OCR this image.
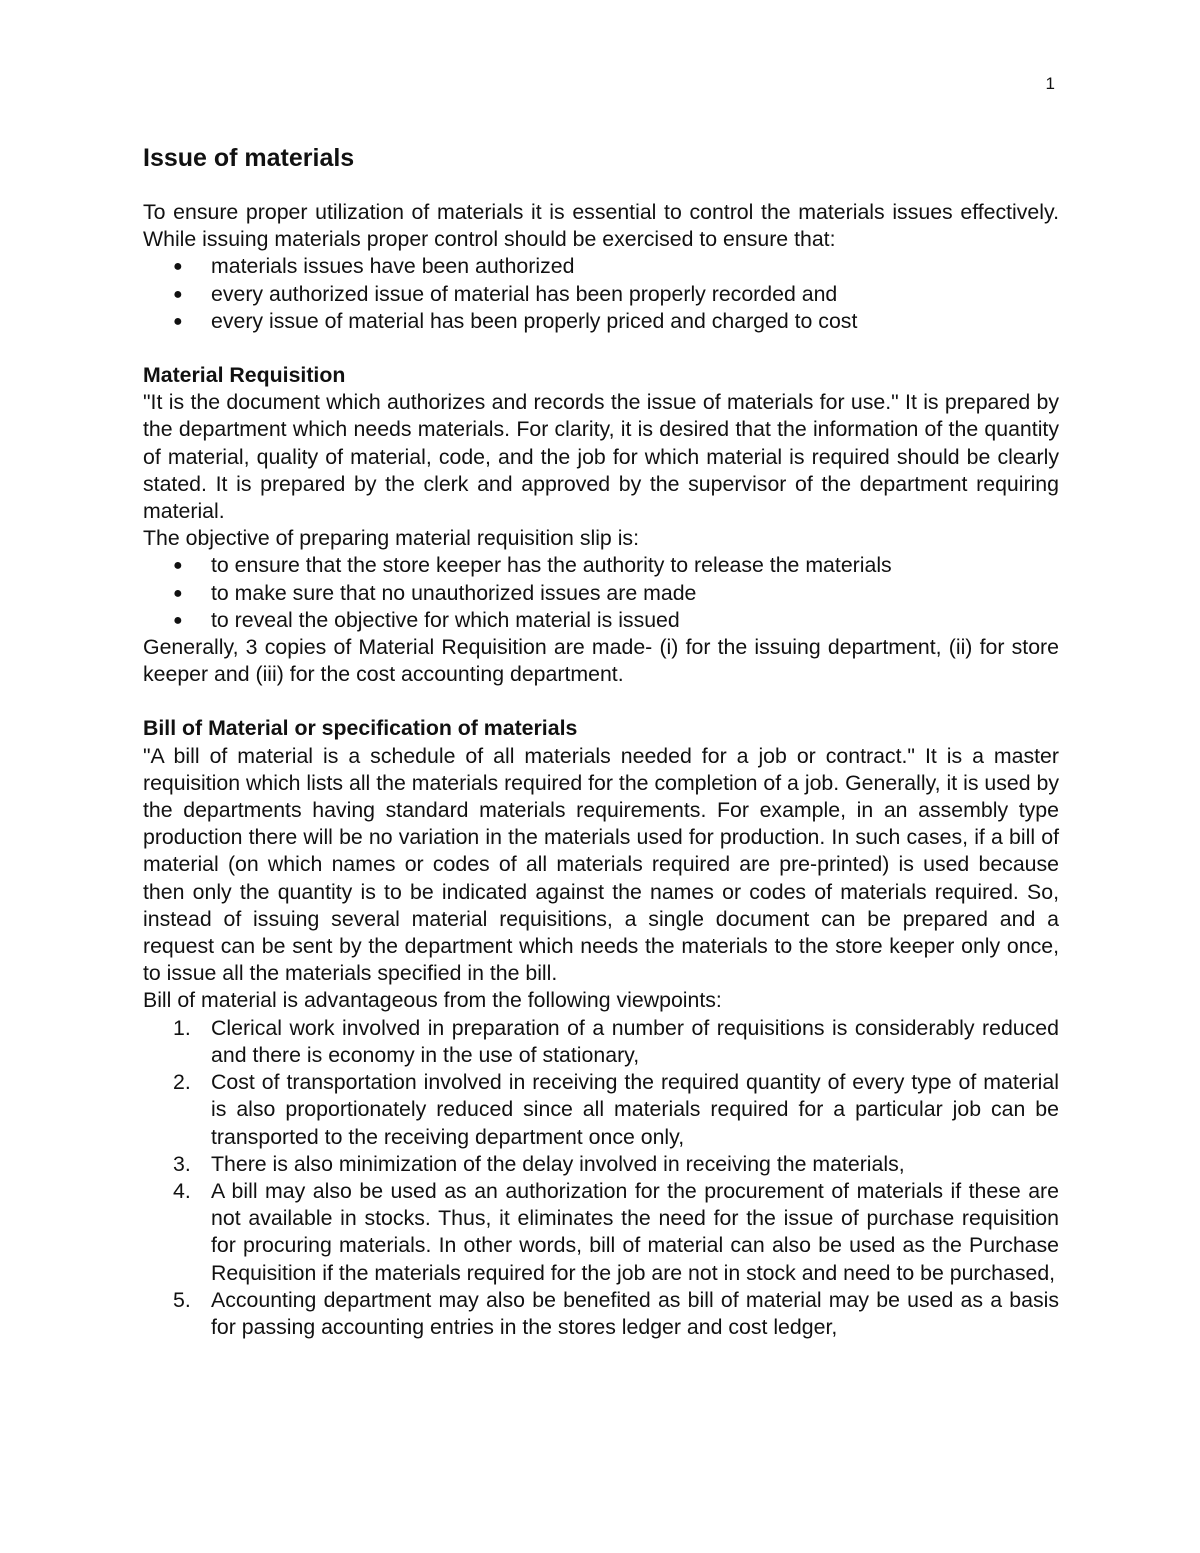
1
Issue of materials

To ensure proper utilization of materials it is essential to control the materials issues effectively. While issuing materials proper control should be exercised to ensure that:

● materials issues have been authorized
● every authorized issue of material has been properly recorded and
● every issue of material has been properly priced and charged to cost
Material Requisition

"It is the document which authorizes and records the issue of materials for use." It is prepared by the department which needs materials. For clarity, it is desired that the information of the quantity of material, quality of material, code, and the job for which material is required should be clearly stated. It is prepared by the clerk and approved by the supervisor of the department requiring material.

The objective of preparing material requisition slip is:

● to ensure that the store keeper has the authority to release the materials
● to make sure that no unauthorized issues are made
● to reveal the objective for which material is issued

Generally, 3 copies of Material Requisition are made- (i) for the issuing department, (ii) for store keeper and (iii) for the cost accounting department.

Bill of Material or specification of materials

"A bill of material is a schedule of all materials needed for a job or contract." It is a master requisition which lists all the materials required for the completion of a job. Generally, it is used by the departments having standard materials requirements. For example, in an assembly type production there will be no variation in the materials used for production. In such cases, if a bill of material (on which names or codes of all materials required are pre-printed) is used because then only the quantity is to be indicated against the names or codes of materials required. So, instead of issuing several material requisitions, a single document can be prepared and a request can be sent by the department which needs the materials to the store keeper only once, to issue all the materials specified in the bill.

Bill of material is advantageous from the following viewpoints:

1. Clerical work involved in preparation of a number of requisitions is considerably reduced and there is economy in the use of stationary,
2. Cost of transportation involved in receiving the required quantity of every type of material is also proportionately reduced since all materials required for a particular job can be transported to the receiving department once only,
3. There is also minimization of the delay involved in receiving the materials,
4. A bill may also be used as an authorization for the procurement of materials if these are not available in stocks. Thus, it eliminates the need for the issue of purchase requisition for procuring materials. In other words, bill of material can also be used as the Purchase Requisition if the materials required for the job are not in stock and need to be purchased,
5. Accounting department may also be benefited as bill of material may be used as a basis for passing accounting entries in the stores ledger and cost ledger,
